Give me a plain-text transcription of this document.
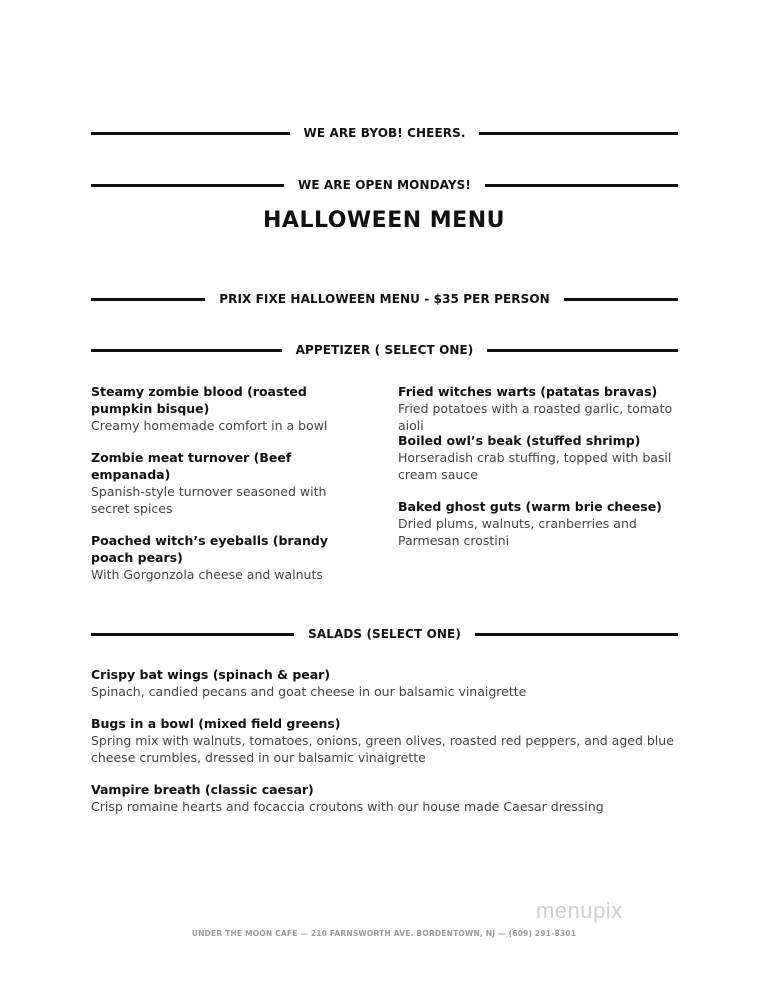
WE ARE BYOB! CHEERS.
WE ARE OPEN MONDAYS!
HALLOWEEN MENU
PRIX FIXE HALLOWEEN MENU - $35 PER PERSON
APPETIZER ( SELECT ONE)
Steamy zombie blood (roasted pumpkin bisque)
Creamy homemade comfort in a bowl
Zombie meat turnover (Beef empanada)
Spanish-style turnover seasoned with secret spices
Poached witch’s eyeballs (brandy poach pears)
With Gorgonzola cheese and walnuts
Fried witches warts (patatas bravas)
Fried potatoes with a roasted garlic, tomato aioli
Boiled owl’s beak (stuffed shrimp)
Horseradish crab stuffing, topped with basil cream sauce
Baked ghost guts (warm brie cheese)
Dried plums, walnuts, cranberries and Parmesan crostini
SALADS (SELECT ONE)
Crispy bat wings (spinach & pear)
Spinach, candied pecans and goat cheese in our balsamic vinaigrette
Bugs in a bowl (mixed field greens)
Spring mix with walnuts, tomatoes, onions, green olives, roasted red peppers, and aged blue cheese crumbles, dressed in our balsamic vinaigrette
Vampire breath (classic caesar)
Crisp romaine hearts and focaccia croutons with our house made Caesar dressing
menupix
UNDER THE MOON CAFE — 210 FARNSWORTH AVE. BORDENTOWN, NJ — (609) 291-8301
